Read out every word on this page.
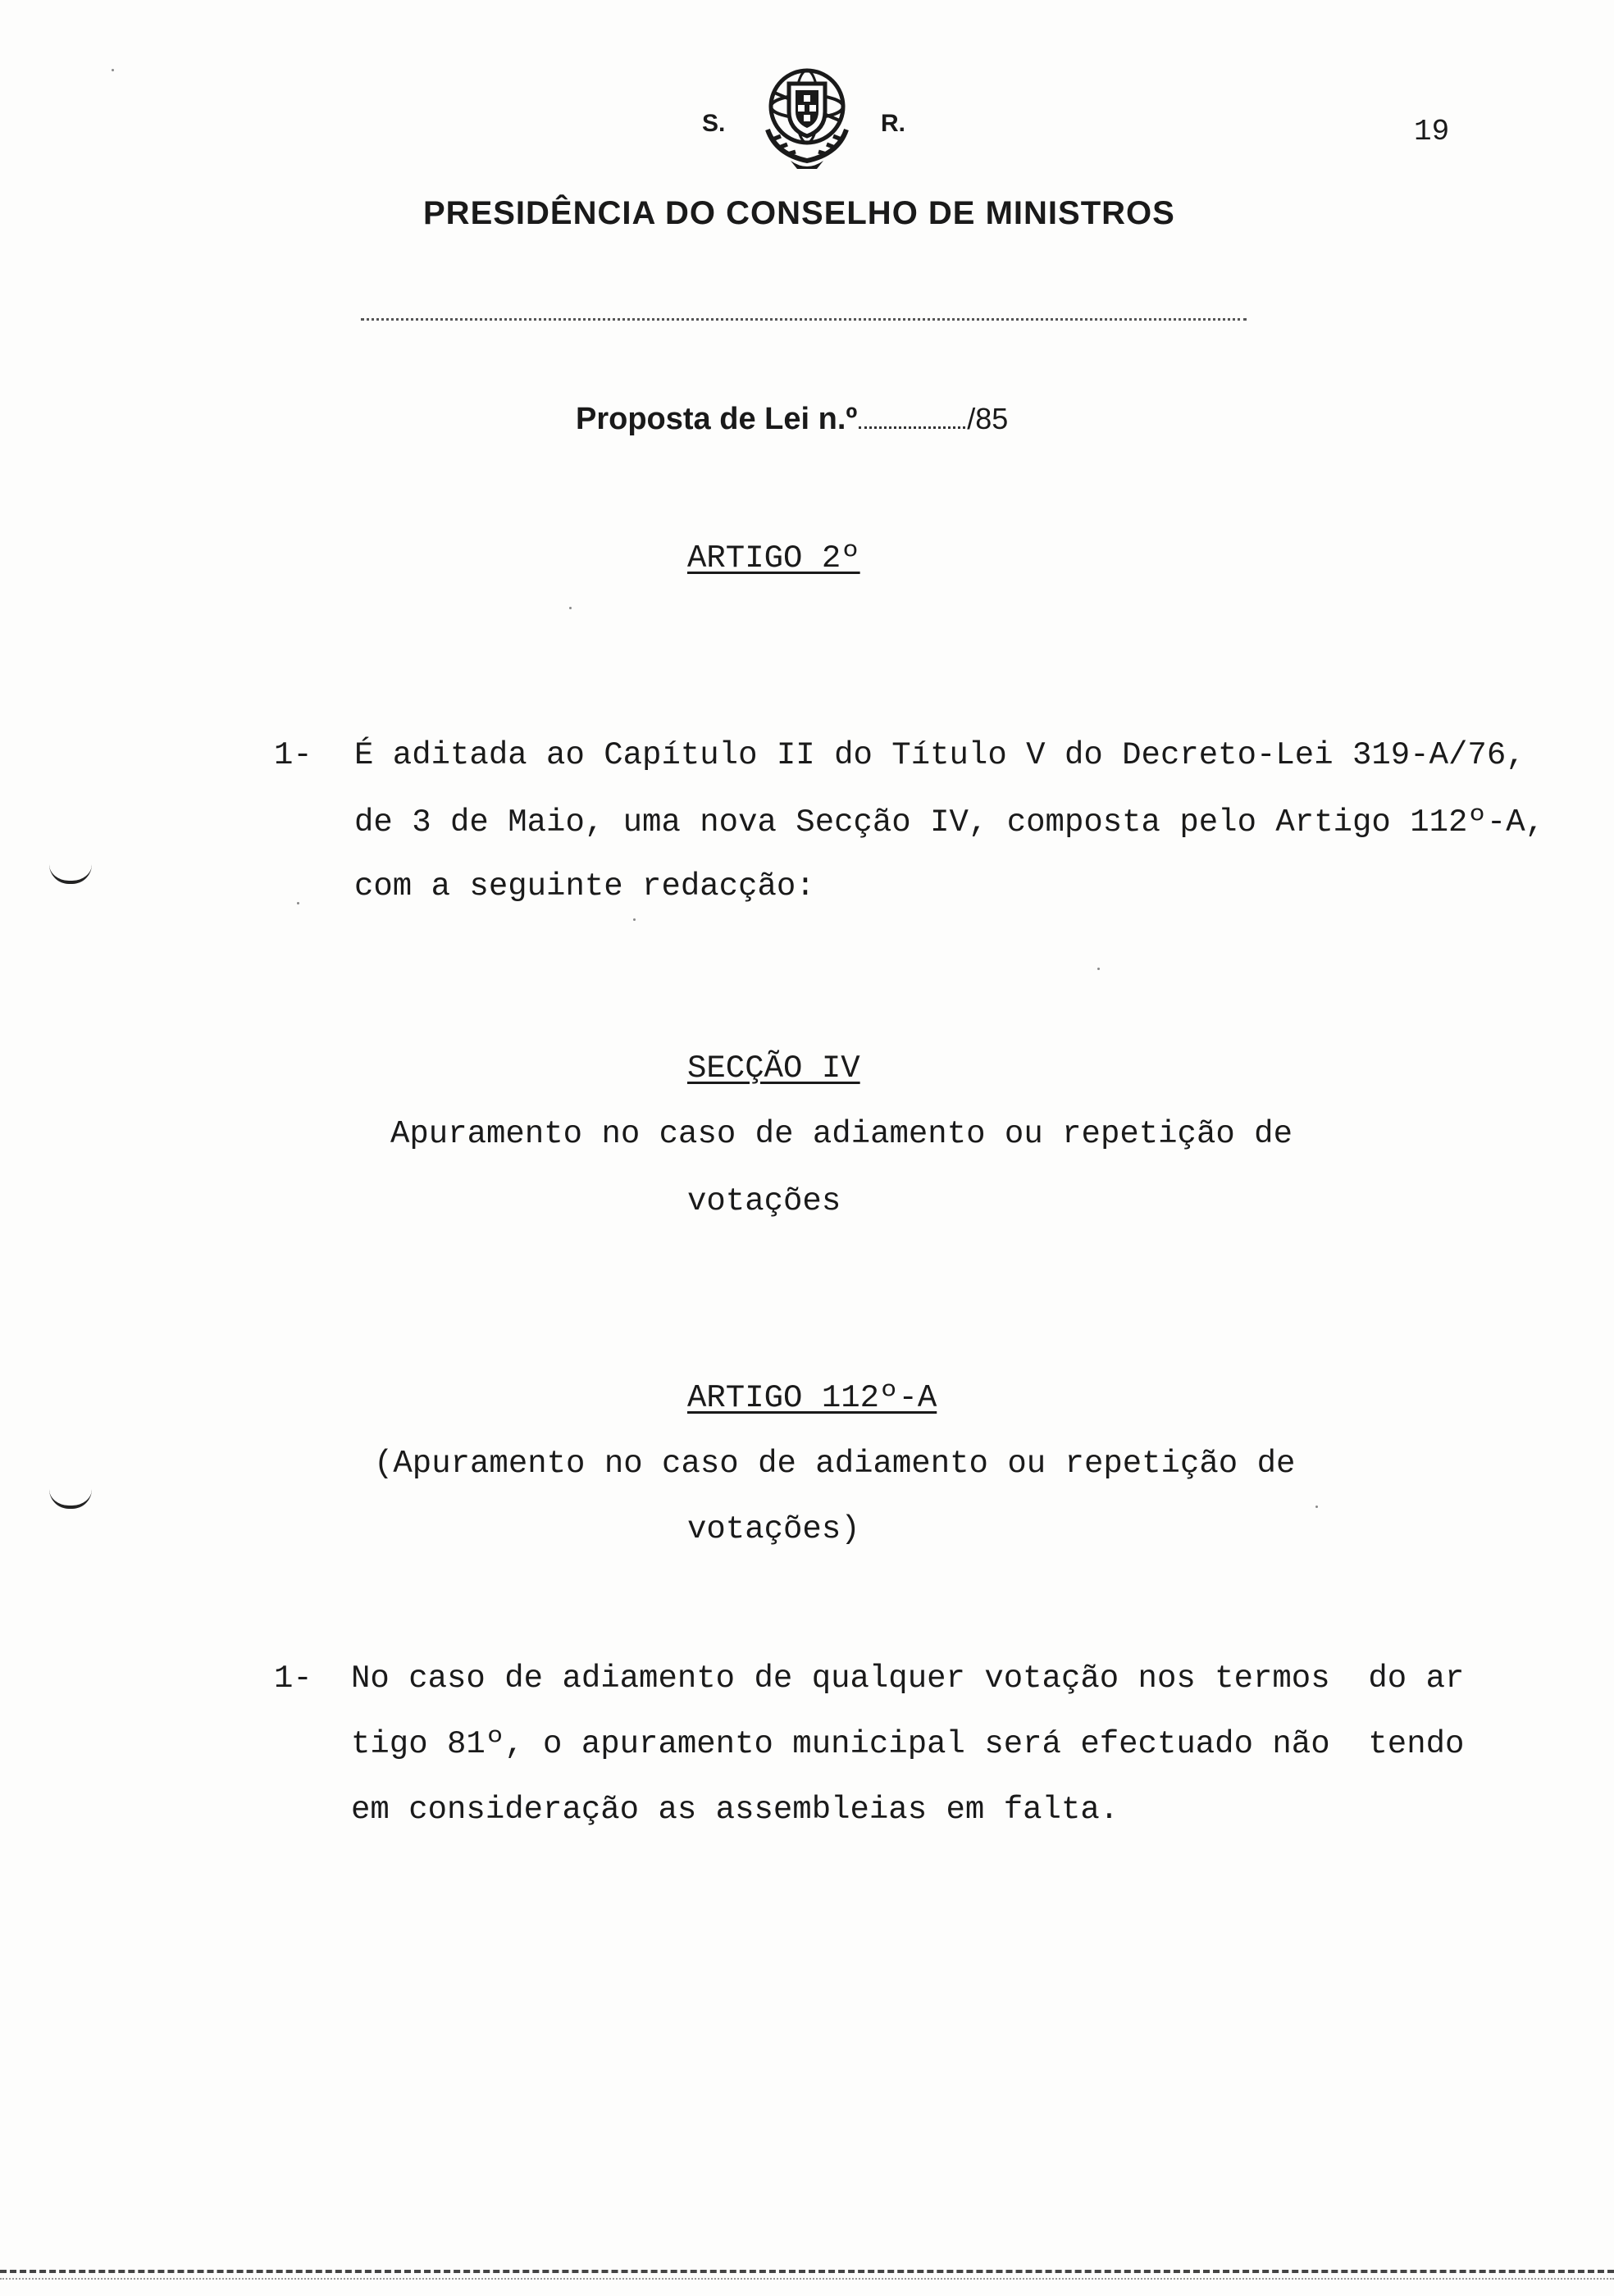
S.	R.	19
PRESIDÊNCIA DO CONSELHO DE MINISTROS
Proposta de Lei n.º	/85
ARTIGO 2º
1- É aditada ao Capítulo II do Título V do Decreto-Lei 319-A/76,
de 3 de Maio, uma nova Secção IV, composta pelo Artigo 112º-A,
com a seguinte redacção:
SECÇÃO IV
Apuramento no caso de adiamento ou repetição de
votações
ARTIGO 112º-A
(Apuramento no caso de adiamento ou repetição de
votações)
1- No caso de adiamento de qualquer votação nos termos  do ar
tigo 81º, o apuramento municipal será efectuado não  tendo
em consideração as assembleias em falta.
